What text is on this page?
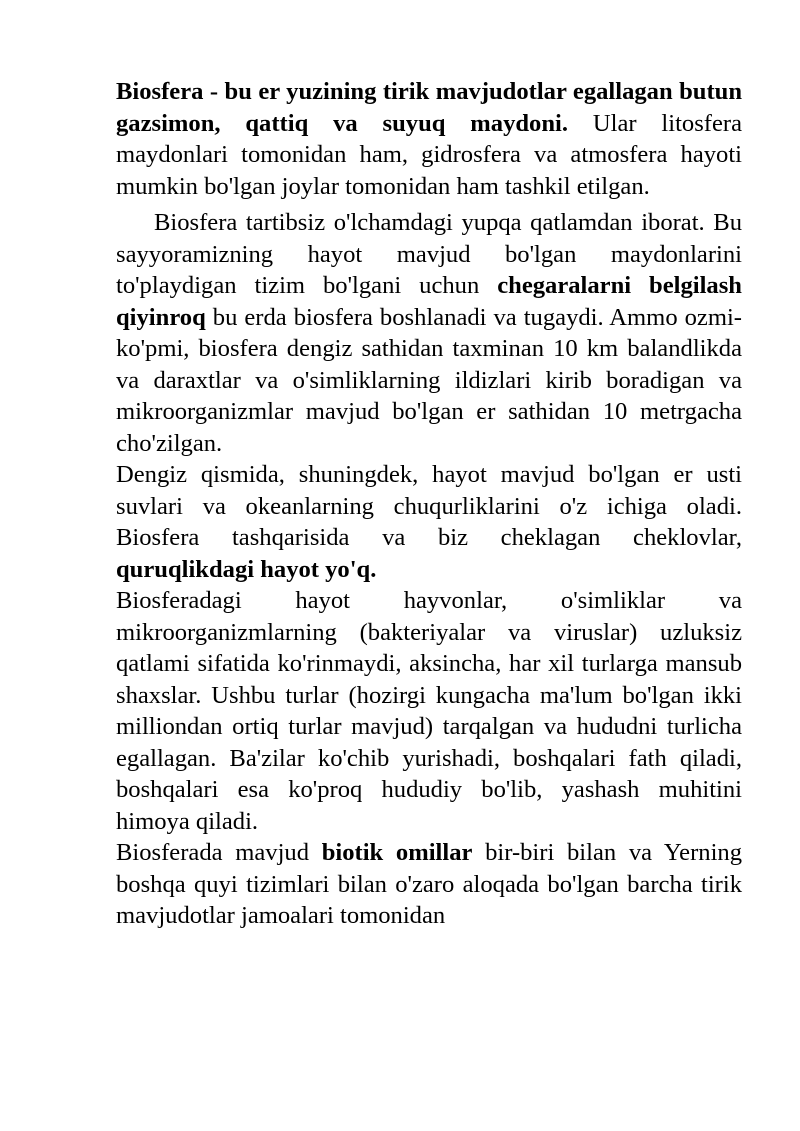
Biosfera - bu er yuzining tirik mavjudotlar egallagan butun gazsimon, qattiq va suyuq maydoni. Ular litosfera maydonlari tomonidan ham, gidrosfera va atmosfera hayoti mumkin bo'lgan joylar tomonidan ham tashkil etilgan.

Biosfera tartibsiz o'lchamdagi yupqa qatlamdan iborat. Bu sayyoramizning hayot mavjud bo'lgan maydonlarini to'playdigan tizim bo'lgani uchun chegaralarni belgilash qiyinroq bu erda biosfera boshlanadi va tugaydi. Ammo ozmi-ko'pmi, biosfera dengiz sathidan taxminan 10 km balandlikda va daraxtlar va o'simliklarning ildizlari kirib boradigan va mikroorganizmlar mavjud bo'lgan er sathidan 10 metrgacha cho'zilgan.

Dengiz qismida, shuningdek, hayot mavjud bo'lgan er usti suvlari va okeanlarning chuqurliklarini o'z ichiga oladi. Biosfera tashqarisida va biz cheklagan cheklovlar, quruqlikdagi hayot yo'q.

Biosferadagi hayot hayvonlar, o'simliklar va mikroorganizmlarning (bakteriyalar va viruslar) uzluksiz qatlami sifatida ko'rinmaydi, aksincha, har xil turlarga mansub shaxslar. Ushbu turlar (hozirgi kungacha ma'lum bo'lgan ikki milliondan ortiq turlar mavjud) tarqalgan va hududni turlicha egallagan. Ba'zilar ko'chib yurishadi, boshqalari fath qiladi, boshqalari esa ko'proq hududiy bo'lib, yashash muhitini himoya qiladi.

Biosferada mavjud biotik omillar bir-biri bilan va Yerning boshqa quyi tizimlari bilan o'zaro aloqada bo'lgan barcha tirik mavjudotlar jamoalari tomonidan
